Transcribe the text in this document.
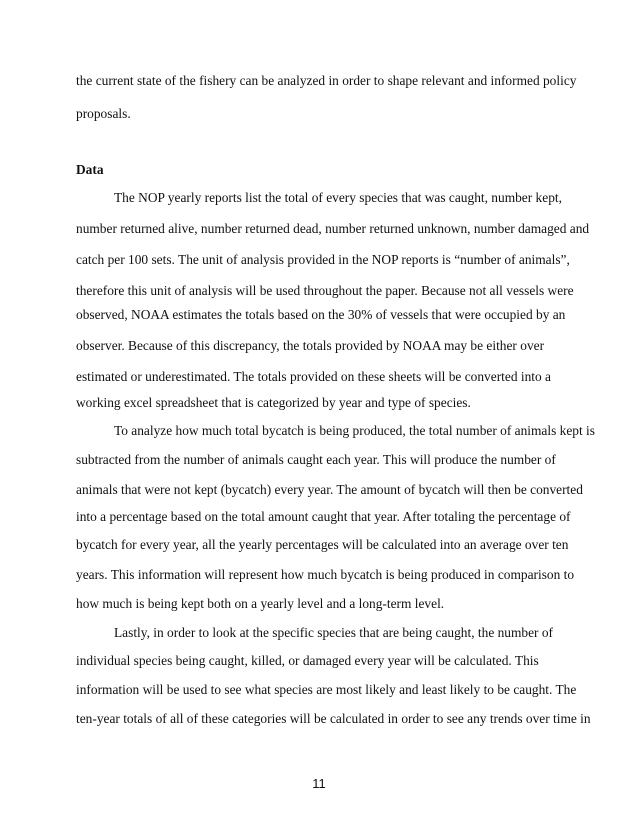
the current state of the fishery can be analyzed in order to shape relevant and informed policy
proposals.
Data
The NOP yearly reports list the total of every species that was caught, number kept,
number returned alive, number returned dead, number returned unknown, number damaged and
catch per 100 sets. The unit of analysis provided in the NOP reports is “number of animals”,
therefore this unit of analysis will be used throughout the paper. Because not all vessels were
observed, NOAA estimates the totals based on the 30% of vessels that were occupied by an
observer. Because of this discrepancy, the totals provided by NOAA may be either over
estimated or underestimated. The totals provided on these sheets will be converted into a
working excel spreadsheet that is categorized by year and type of species.
To analyze how much total bycatch is being produced, the total number of animals kept is
subtracted from the number of animals caught each year. This will produce the number of
animals that were not kept (bycatch) every year. The amount of bycatch will then be converted
into a percentage based on the total amount caught that year. After totaling the percentage of
bycatch for every year, all the yearly percentages will be calculated into an average over ten
years. This information will represent how much bycatch is being produced in comparison to
how much is being kept both on a yearly level and a long-term level.
Lastly, in order to look at the specific species that are being caught, the number of
individual species being caught, killed, or damaged every year will be calculated. This
information will be used to see what species are most likely and least likely to be caught. The
ten-year totals of all of these categories will be calculated in order to see any trends over time in
11
